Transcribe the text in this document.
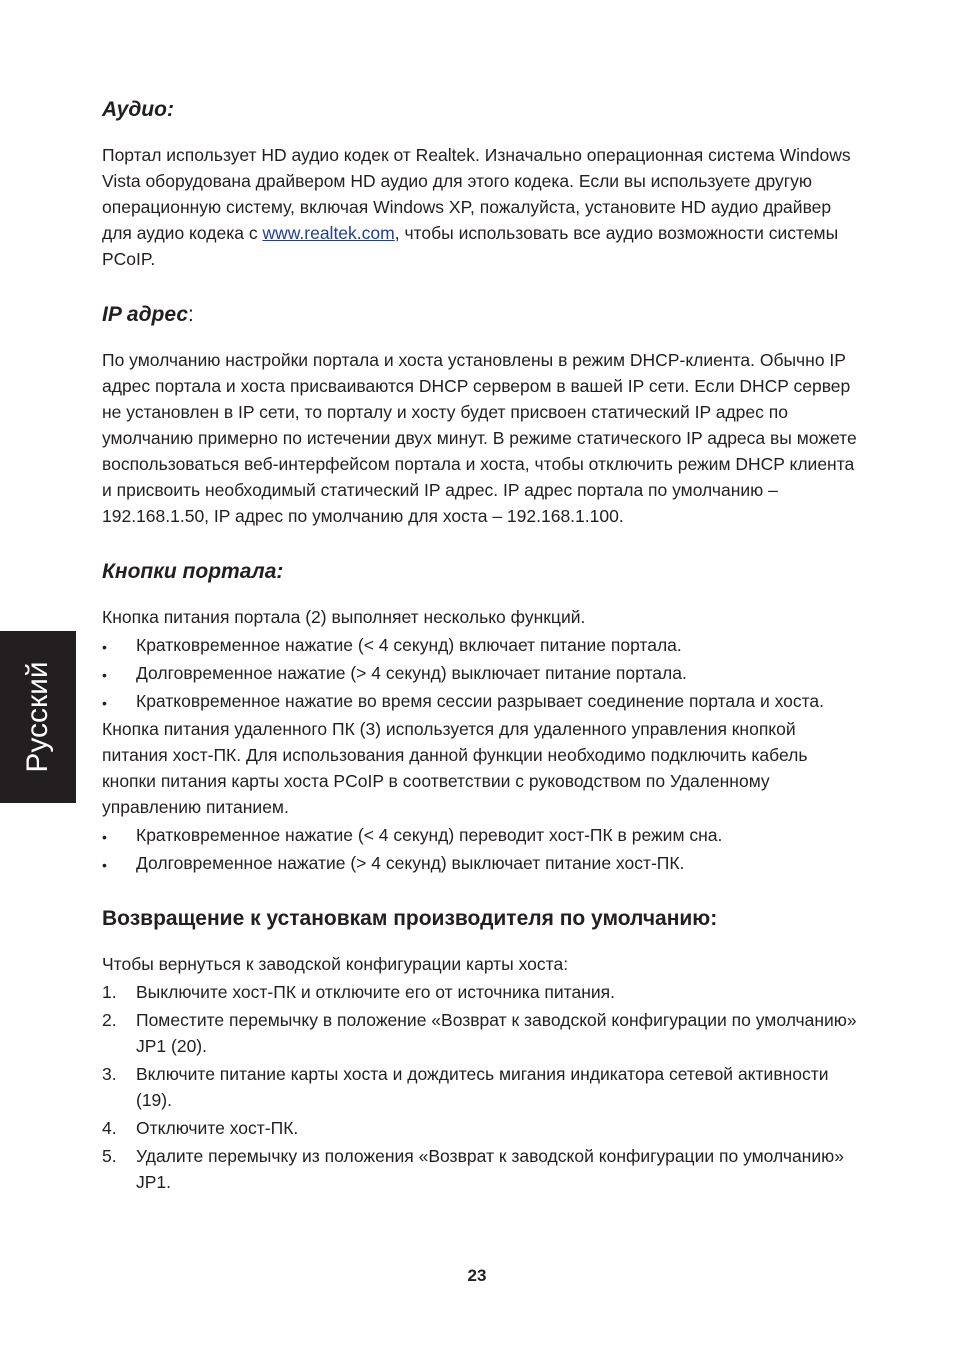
Русский
Аудио:

Портал использует HD аудио кодек от Realtek. Изначально операционная система Windows Vista оборудована драйвером HD аудио для этого кодека. Если вы используете другую операционную систему, включая Windows XP, пожалуйста, установите HD аудио драйвер для аудио кодека с www.realtek.com, чтобы использовать все аудио возможности системы PCoIP.

IP адрес:

По умолчанию настройки портала и хоста установлены в режим DHCP-клиента. Обычно IP адрес портала и хоста присваиваются DHCP сервером в вашей IP сети. Если DHCP сервер не установлен в IP сети, то порталу и хосту будет присвоен статический IP адрес по умолчанию примерно по истечении двух минут. В режиме статического IP адреса вы можете воспользоваться веб-интерфейсом портала и хоста, чтобы отключить режим DHCP клиента и присвоить необходимый статический IP адрес. IP адрес портала по умолчанию – 192.168.1.50, IP адрес по умолчанию для хоста – 192.168.1.100.

Кнопки портала:

Кнопка питания портала (2) выполняет несколько функций.

• Кратковременное нажатие (< 4 секунд) включает питание портала.
• Долговременное нажатие (> 4 секунд) выключает питание портала.
• Кратковременное нажатие во время сессии разрывает соединение портала и хоста.

Кнопка питания удаленного ПК (3) используется для удаленного управления кнопкой питания хост-ПК. Для использования данной функции необходимо подключить кабель кнопки питания карты хоста PCoIP в соответствии с руководством по Удаленному управлению питанием.

• Кратковременное нажатие (< 4 секунд) переводит хост-ПК в режим сна.
• Долговременное нажатие (> 4 секунд) выключает питание хост-ПК.
Возвращение к установкам производителя по умолчанию:

Чтобы вернуться к заводской конфигурации карты хоста:

1. Выключите хост-ПК и отключите его от источника питания.
2. Поместите перемычку в положение «Возврат к заводской конфигурации по умолчанию» JP1 (20).
3. Включите питание карты хоста и дождитесь мигания индикатора сетевой активности (19).
4. Отключите хост-ПК.
5. Удалите перемычку из положения «Возврат к заводской конфигурации по умолчанию» JP1.
23
